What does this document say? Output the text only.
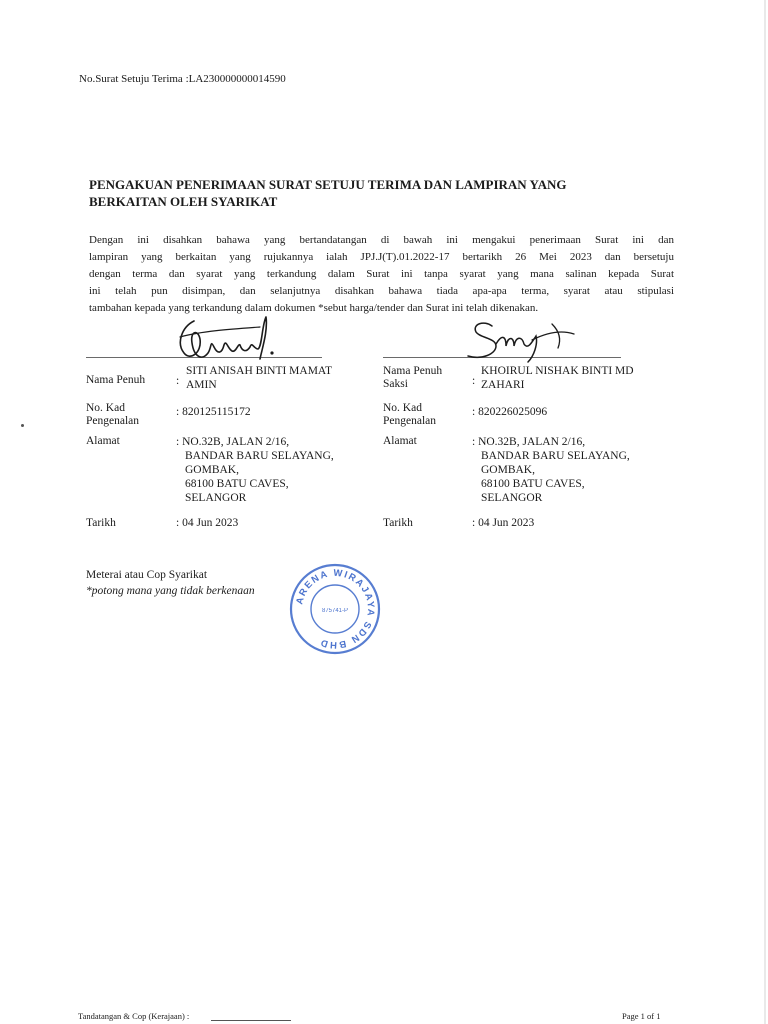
No.Surat Setuju Terima :LA230000000014590
PENGAKUAN PENERIMAAN SURAT SETUJU TERIMA DAN LAMPIRAN YANG
BERKAITAN OLEH SYARIKAT
Dengan ini disahkan bahawa yang bertandatangan di bawah ini mengakui penerimaan Surat ini dan
lampiran yang berkaitan yang rujukannya ialah JPJ.J(T).01.2022-17 bertarikh 26 Mei 2023 dan bersetuju
dengan terma dan syarat yang terkandung dalam Surat ini tanpa syarat yang mana salinan kepada Surat
ini telah pun disimpan, dan selanjutnya disahkan bahawa tiada apa-apa terma, syarat atau stipulasi
tambahan kepada yang terkandung dalam dokumen *sebut harga/tender dan Surat ini telah dikenakan.
Nama Penuh	:
SITI ANISAH BINTI MAMAT
AMIN
No. Kad
Pengenalan
: 820125115172
Alamat	: NO.32B, JALAN 2/16,
BANDAR BARU SELAYANG,
GOMBAK,
68100 BATU CAVES,
SELANGOR
Tarikh	: 04 Jun 2023
Nama Penuh
Saksi	:
KHOIRUL NISHAK BINTI MD
ZAHARI
No. Kad
Pengenalan
: 820226025096
Alamat	: NO.32B, JALAN 2/16,
BANDAR BARU SELAYANG,
GOMBAK,
68100 BATU CAVES,
SELANGOR
Tarikh	: 04 Jun 2023
Meterai atau Cop Syarikat
*potong mana yang tidak berkenaan
ARENA WIRAJAYA SDN BHD
875741-P
Tandatangan & Cop (Kerajaan) :	Page 1 of 1
